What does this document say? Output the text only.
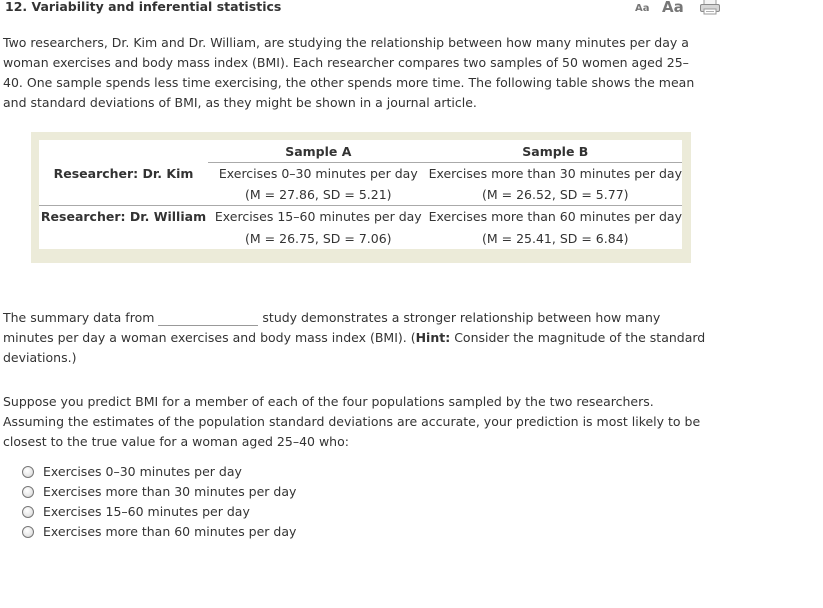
12. Variability and inferential statistics	Aa Aa
Two researchers, Dr. Kim and Dr. William, are studying the relationship between how many minutes per day a woman exercises and body mass index (BMI). Each researcher compares two samples of 50 women aged 25–40. One sample spends less time exercising, the other spends more time. The following table shows the mean and standard deviations of BMI, as they might be shown in a journal article.
	Sample A	Sample B
Researcher: Dr. Kim	Exercises 0–30 minutes per day	Exercises more than 30 minutes per day
	(M = 27.86, SD = 5.21)	(M = 26.52, SD = 5.77)
Researcher: Dr. William	Exercises 15–60 minutes per day	Exercises more than 60 minutes per day
	(M = 26.75, SD = 7.06)	(M = 25.41, SD = 6.84)
The summary data from	study demonstrates a stronger relationship between how many minutes per day a woman exercises and body mass index (BMI). (Hint: Consider the magnitude of the standard deviations.)
Suppose you predict BMI for a member of each of the four populations sampled by the two researchers. Assuming the estimates of the population standard deviations are accurate, your prediction is most likely to be closest to the true value for a woman aged 25–40 who:
Exercises 0–30 minutes per day
Exercises more than 30 minutes per day
Exercises 15–60 minutes per day
Exercises more than 60 minutes per day
